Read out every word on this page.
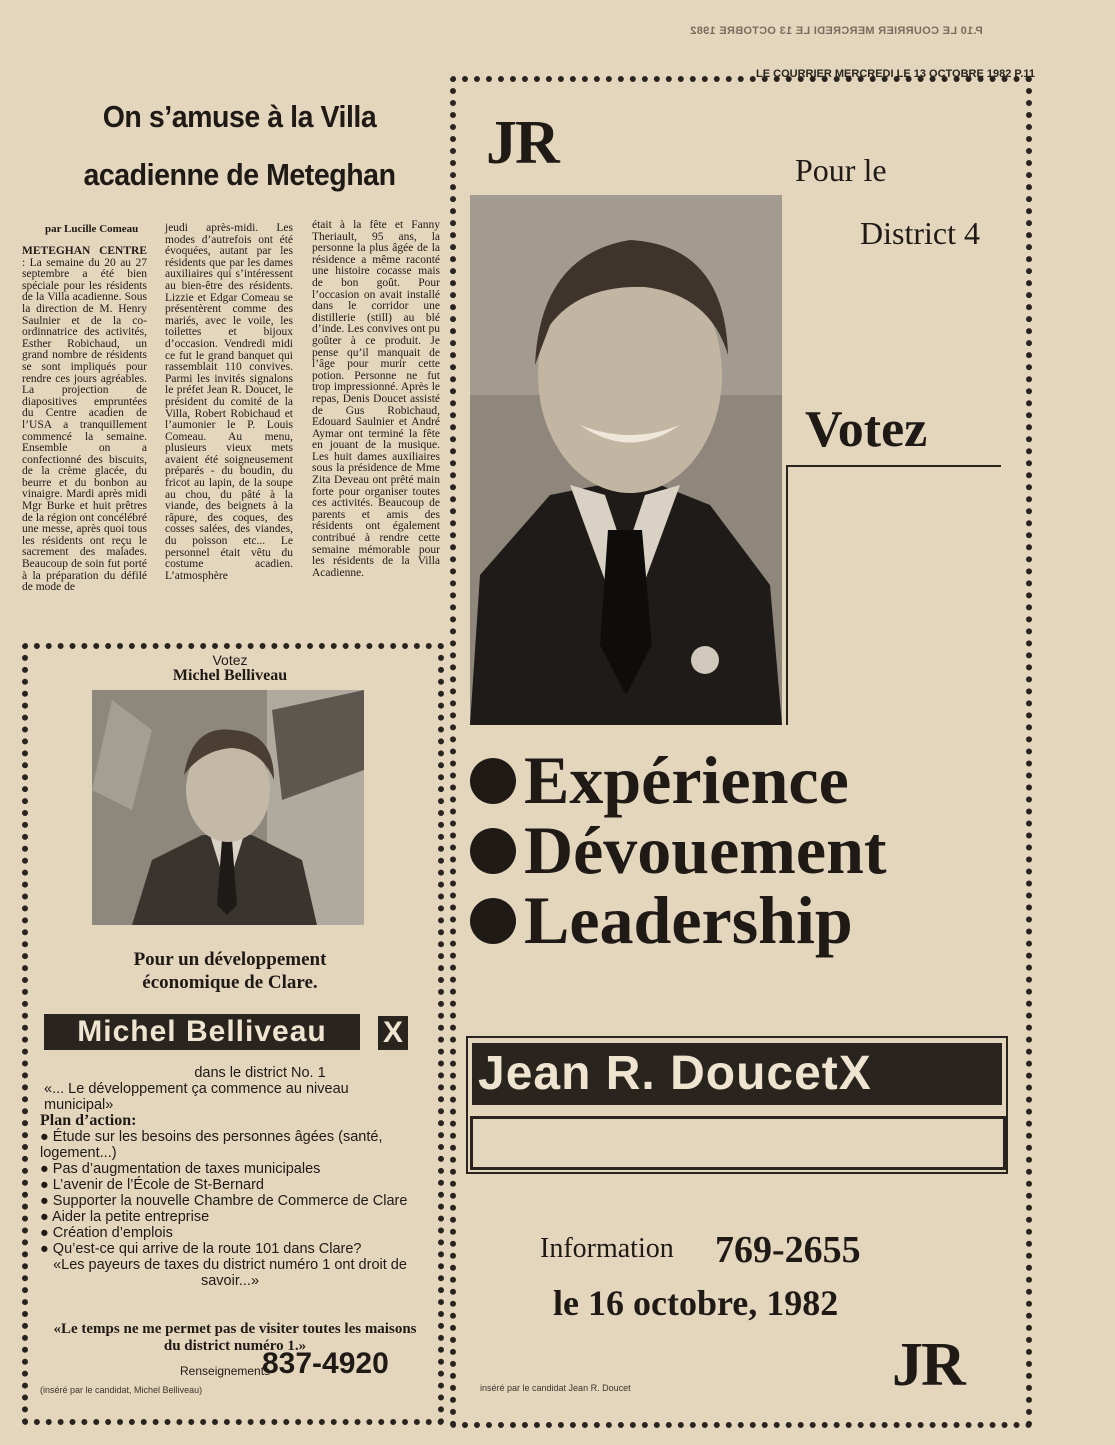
P.10 LE COURRIER MERCREDI LE 13 OCTOBRE 1982
LE COURRIER MERCREDI LE 13 OCTOBRE 1982 P.11
On s’amuse à la Villa
acadienne de Meteghan
par Lucille Comeau
METEGHAN CENTRE : La semaine du 20 au 27 septembre a été bien spéciale pour les résidents de la Villa acadienne. Sous la direction de M. Henry Saulnier et de la co-ordinnatrice des activités, Esther Robichaud, un grand nombre de résidents se sont impliqués pour rendre ces jours agréables. La projection de diapositives empruntées du Centre acadien de l’USA a tranquillement commencé la semaine. Ensemble on a confectionné des biscuits, de la crème glacée, du beurre et du bonbon au vinaigre. Mardi après midi Mgr Burke et huit prêtres de la région ont concélébré une messe, après quoi tous les résidents ont reçu le sacrement des malades. Beaucoup de soin fut porté à la préparation du défilé de mode de
jeudi après-midi. Les modes d’autrefois ont été évoquées, autant par les résidents que par les dames auxiliaires qui s’intéressent au bien-être des résidents. Lizzie et Edgar Comeau se présentèrent comme des mariés, avec le voile, les toilettes et bijoux d’occasion. Vendredi midi ce fut le grand banquet qui rassemblait 110 convives. Parmi les invités signalons le préfet Jean R. Doucet, le président du comité de la Villa, Robert Robichaud et l’aumonier le P. Louis Comeau. Au menu, plusieurs vieux mets avaient été soigneusement préparés - du boudin, du fricot au lapin, de la soupe au chou, du pâté à la viande, des beignets à la râpure, des coques, des cosses salées, des viandes, du poisson etc... Le personnel était vêtu du costume acadien. L’atmosphère
était à la fête et Fanny Theriault, 95 ans, la personne la plus âgée de la résidence a même raconté une histoire cocasse mais de bon goût. Pour l’occasion on avait installé dans le corridor une distillerie (still) au blé d’inde. Les convives ont pu goûter à ce produit. Je pense qu’il manquait de l’âge pour murir cette potion. Personne ne fut trop impressionné. Après le repas, Denis Doucet assisté de Gus Robichaud, Edouard Saulnier et André Aymar ont terminé la fête en jouant de la musique. Les huit dames auxiliaires sous la présidence de Mme Zita Deveau ont prêté main forte pour organiser toutes ces activités. Beaucoup de parents et amis des résidents ont également contribué à rendre cette semaine mémorable pour les résidents de la Villa Acadienne.
Votez
Michel Belliveau
Pour un développement
économique de Clare.
Michel Belliveau	X
dans le district No. 1
«... Le développement ça commence au niveau municipal»
Plan d’action:
● Étude sur les besoins des personnes âgées (santé, logement...)
● Pas d’augmentation de taxes municipales
● L’avenir de l’École de St-Bernard
● Supporter la nouvelle Chambre de Commerce de Clare
● Aider la petite entreprise
● Création d’emplois
● Qu’est-ce qui arrive de la route 101 dans Clare?
«Les payeurs de taxes du district numéro 1 ont droit de savoir...»
«Le temps ne me permet pas de visiter toutes les maisons du district numéro 1.»
Renseignements
837-4920
(inséré par le candidat, Michel Belliveau)
JR	Pour le
District 4
Votez
Expérience
Dévouement
Leadership
Jean R. DoucetX
Information 769-2655
le 16 octobre, 1982
JR
inséré par le candidat Jean R. Doucet
